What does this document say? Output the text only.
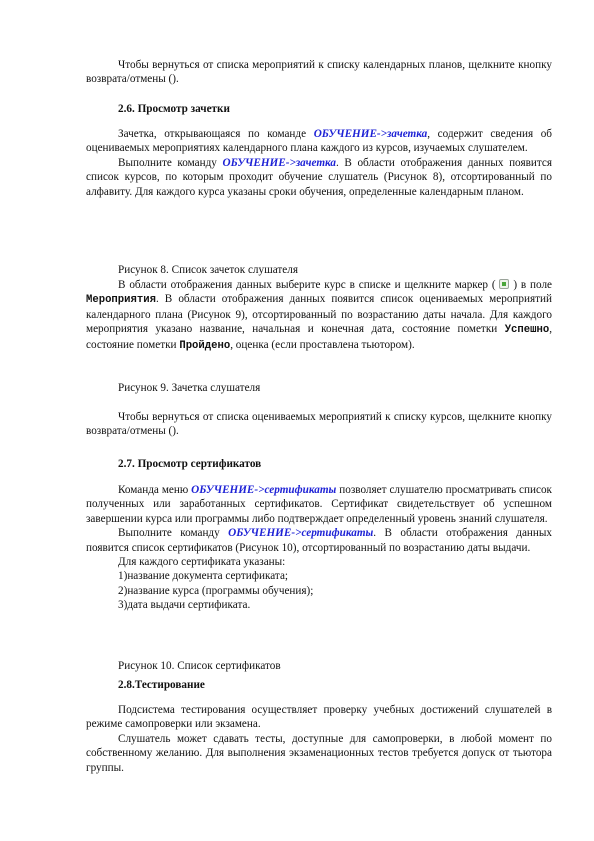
Чтобы вернуться от списка мероприятий к списку календарных планов, щелкните кнопку возврата/отмены ().

2.6. Просмотр зачетки

Зачетка, открывающаяся по команде ОБУЧЕНИЕ->зачетка, содержит сведения об оцениваемых мероприятиях календарного плана каждого из курсов, изучаемых слушателем.

Выполните команду ОБУЧЕНИЕ->зачетка. В области отображения данных появится список курсов, по которым проходит обучение слушатель (Рисунок 8), отсортированный по алфавиту. Для каждого курса указаны сроки обучения, определенные календарным планом.

Рисунок 8. Список зачеток слушателя

В области отображения данных выберите курс в списке и щелкните маркер ( ) в поле Мероприятия. В области отображения данных появится список оцениваемых мероприятий календарного плана (Рисунок 9), отсортированный по возрастанию даты начала. Для каждого мероприятия указано название, начальная и конечная дата, состояние пометки Успешно, состояние пометки Пройдено, оценка (если проставлена тьютором).

Рисунок 9. Зачетка слушателя

Чтобы вернуться от списка оцениваемых мероприятий к списку курсов, щелкните кнопку возврата/отмены ().

2.7. Просмотр сертификатов

Команда меню ОБУЧЕНИЕ->сертификаты позволяет слушателю просматривать список полученных или заработанных сертификатов. Сертификат свидетельствует об успешном завершении курса или программы либо подтверждает определенный уровень знаний слушателя.

Выполните команду ОБУЧЕНИЕ->сертификаты. В области отображения данных появится список сертификатов (Рисунок 10), отсортированный по возрастанию даты выдачи.

Для каждого сертификата указаны:

1)название документа сертификата;

2)название курса (программы обучения);

3)дата выдачи сертификата.

Рисунок 10. Список сертификатов

2.8.Тестирование

Подсистема тестирования осуществляет проверку учебных достижений слушателей в режиме самопроверки или экзамена.

Слушатель может сдавать тесты, доступные для самопроверки, в любой момент по собственному желанию. Для выполнения экзаменационных тестов требуется допуск от тьютора группы.
